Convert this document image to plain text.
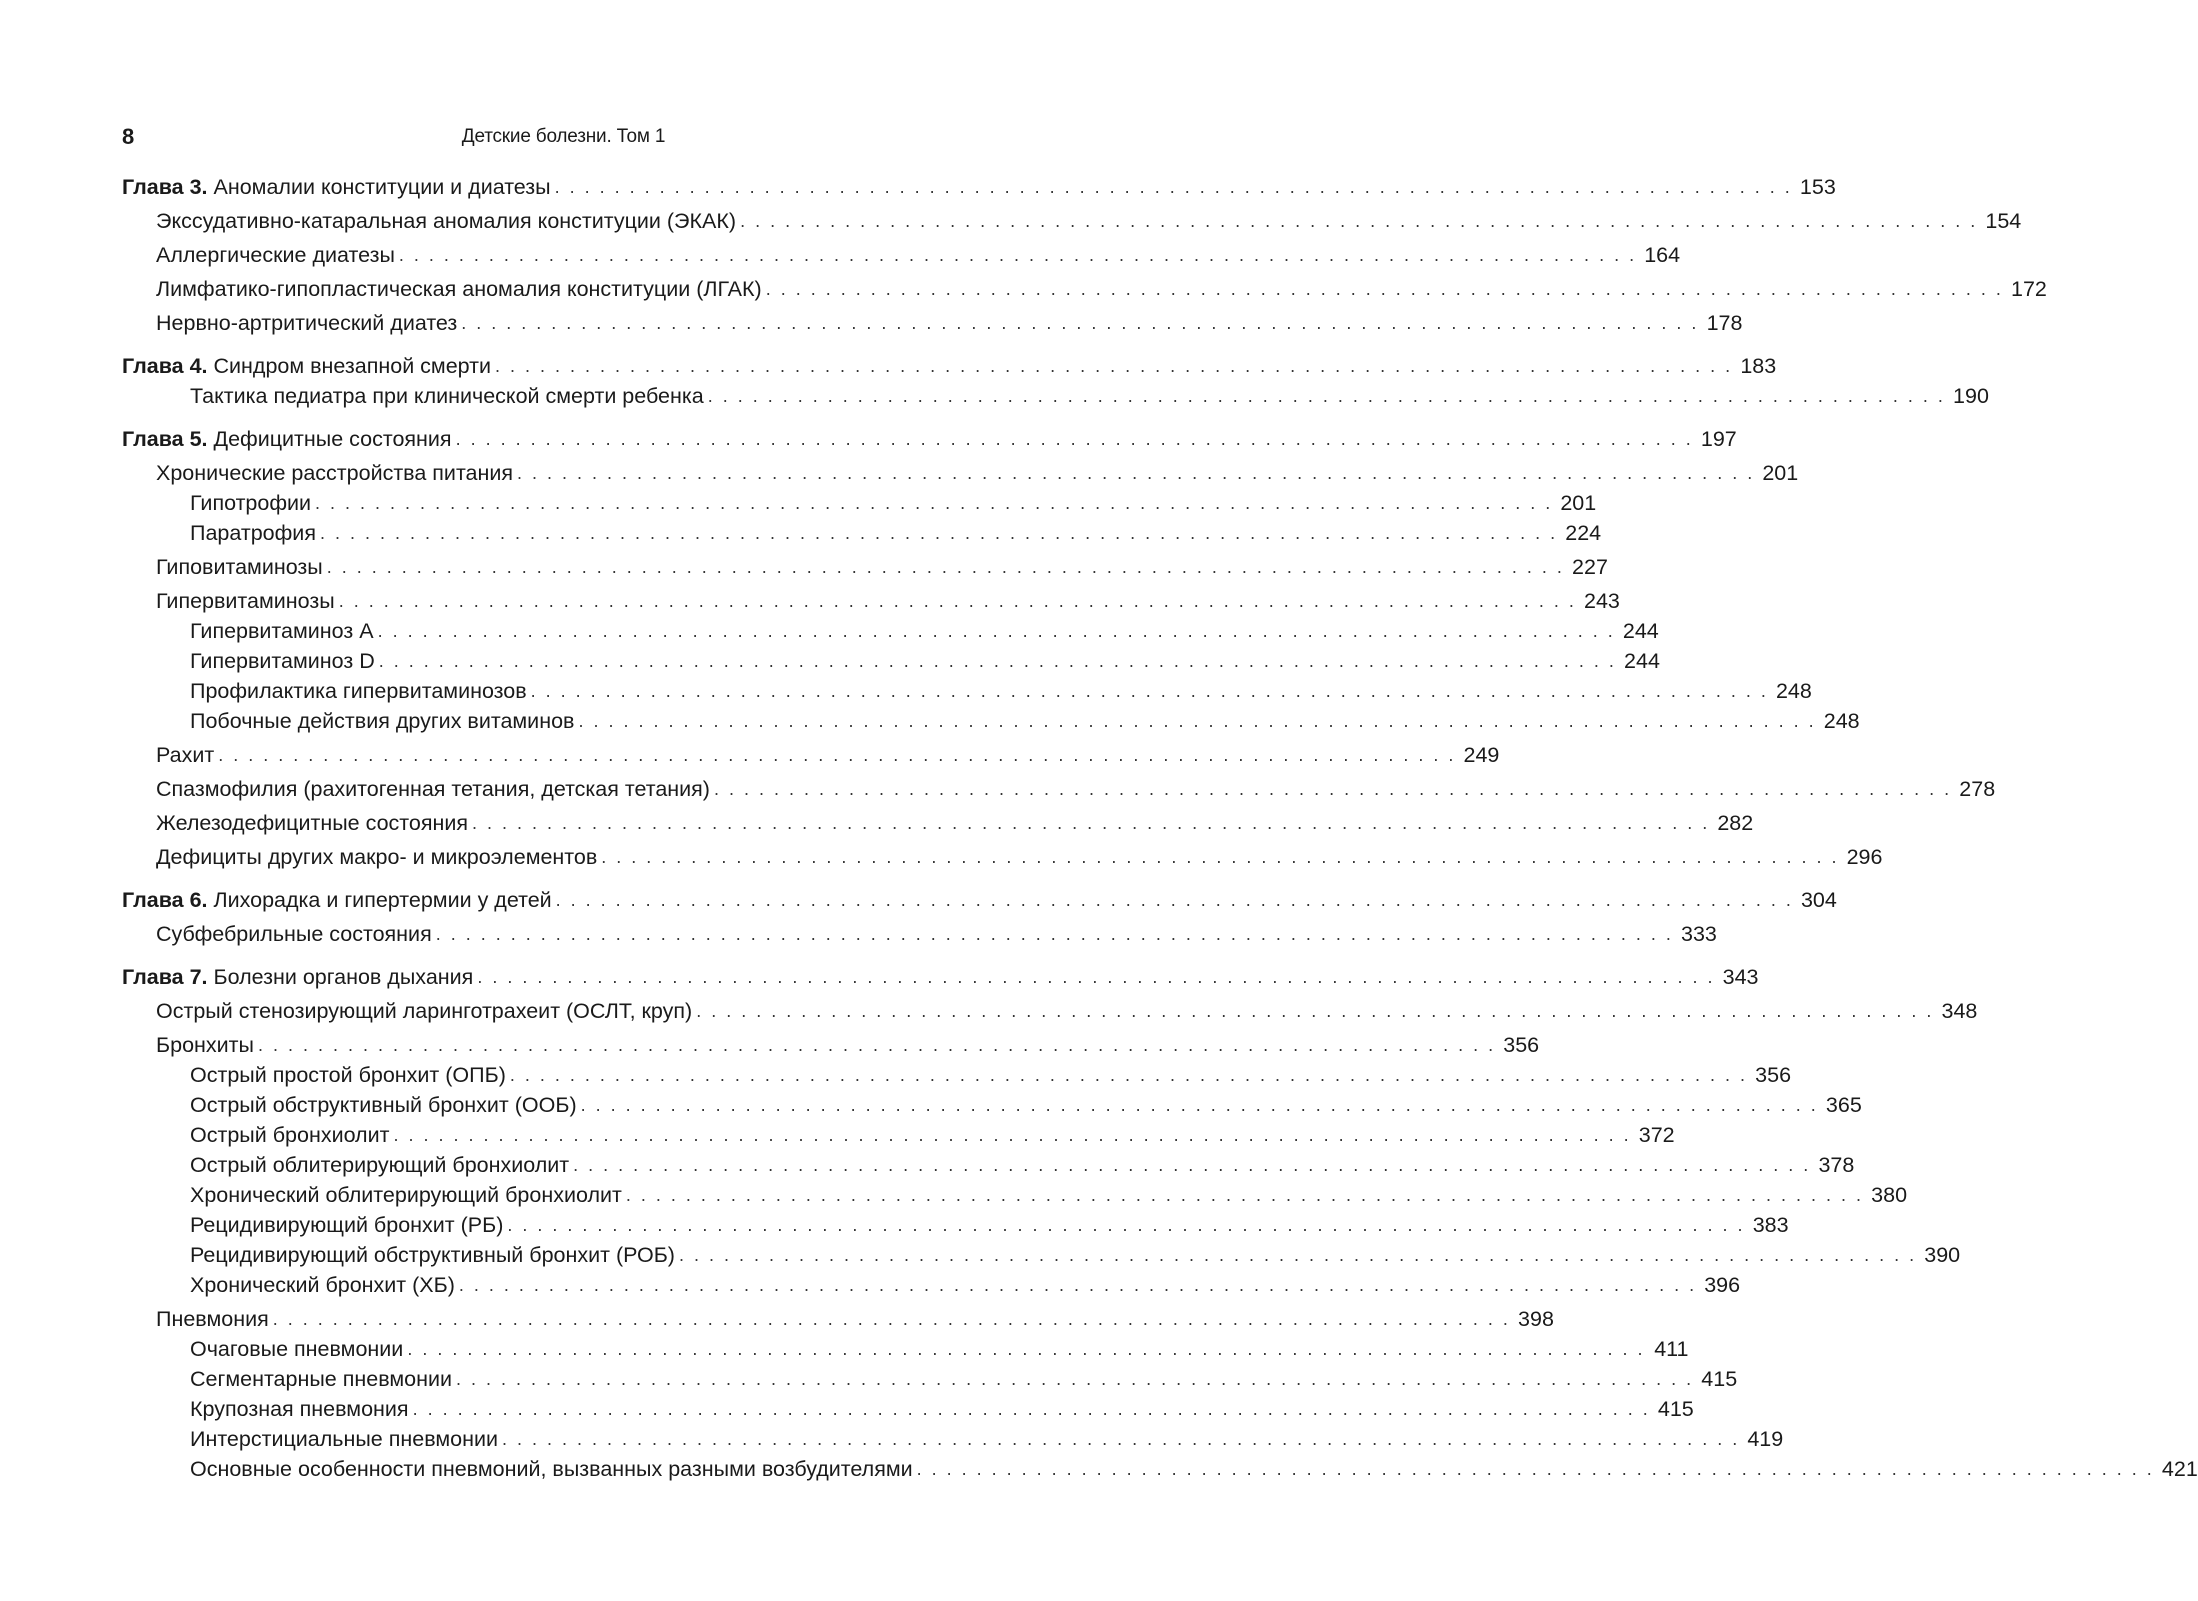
8	Детские болезни. Том 1
Глава 3. Аномалии конституции и диатезы . . .	153
Экссудативно-катаральная аномалия конституции (ЭКАК) . . .	154
Аллергические диатезы . . .	164
Лимфатико-гипопластическая аномалия конституции (ЛГАК) . . .	172
Нервно-артритический диатез . . .	178
Глава 4. Синдром внезапной смерти . . .	183
Тактика педиатра при клинической смерти ребенка . . .	190
Глава 5. Дефицитные состояния . . .	197
Хронические расстройства питания . . .	201
Гипотрофии . . .	201
Паратрофия . . .	224
Гиповитаминозы . . .	227
Гипервитаминозы . . .	243
Гипервитаминоз А . . .	244
Гипервитаминоз D . . .	244
Профилактика гипервитаминозов . . .	248
Побочные действия других витаминов . . .	248
Рахит . . .	249
Спазмофилия (рахитогенная тетания, детская тетания) . . .	278
Железодефицитные состояния . . .	282
Дефициты других макро- и микроэлементов . . .	296
Глава 6. Лихорадка и гипертермии у детей . . .	304
Субфебрильные состояния . . .	333
Глава 7. Болезни органов дыхания . . .	343
Острый стенозирующий ларинготрахеит (ОСЛТ, круп) . . .	348
Бронхиты . . .	356
Острый простой бронхит (ОПБ) . . .	356
Острый обструктивный бронхит (ООБ) . . .	365
Острый бронхиолит . . .	372
Острый облитерирующий бронхиолит . . .	378
Хронический облитерирующий бронхиолит . . .	380
Рецидивирующий бронхит (РБ) . . .	383
Рецидивирующий обструктивный бронхит (РОБ) . . .	390
Хронический бронхит (ХБ) . . .	396
Пневмония . . .	398
Очаговые пневмонии . . .	411
Сегментарные пневмонии . . .	415
Крупозная пневмония . . .	415
Интерстициальные пневмонии . . .	419
Основные особенности пневмоний, вызванных разными возбудителями . . .	421
